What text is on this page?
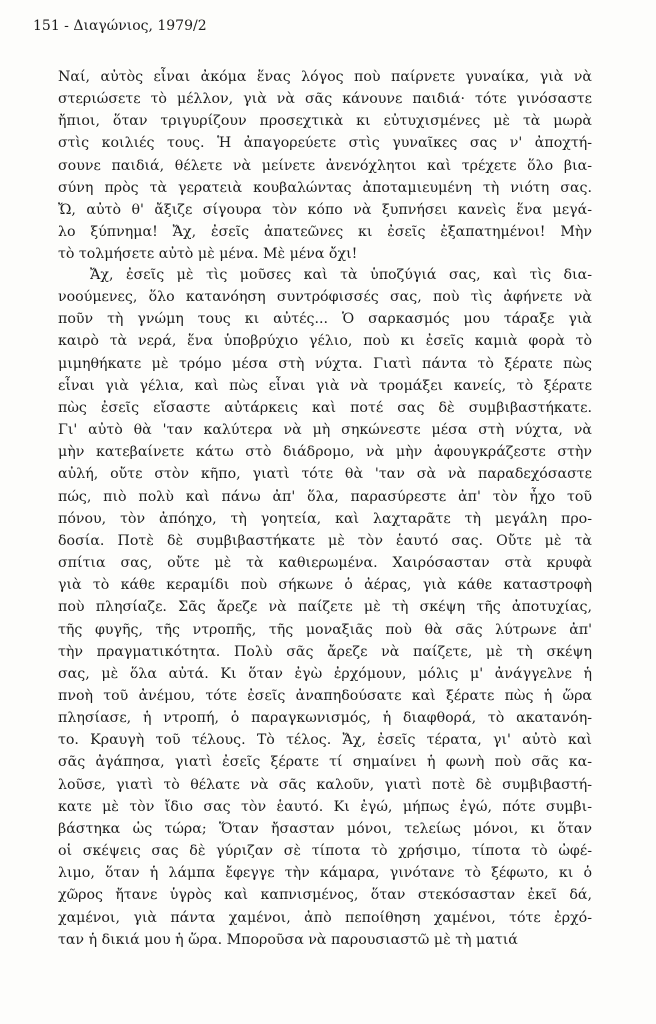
151 - Διαγώνιος, 1979/2
Ναί, αὐτὸς εἶναι ἀκόμα ἕνας λόγος ποὺ παίρνετε γυναίκα, γιὰ νὰ
στεριώσετε τὸ μέλλον, γιὰ νὰ σᾶς κάνουνε παιδιά· τότε γινόσαστε
ἤπιοι, ὅταν τριγυρίζουν προσεχτικὰ κι εὐτυχισμένες μὲ τὰ μωρὰ
στὶς κοιλιές τους. Ἡ ἀπαγορεύετε στὶς γυναῖκες σας ν' ἀποχτή-
σουνε παιδιά, θέλετε νὰ μείνετε ἀνενόχλητοι καὶ τρέχετε ὅλο βια-
σύνη πρὸς τὰ γερατειὰ κουβαλώντας ἀποταμιευμένη τὴ νιότη σας.
Ὤ, αὐτὸ θ' ἄξιζε σίγουρα τὸν κόπο νὰ ξυπνήσει κανεὶς ἕνα μεγά-
λο ξύπνημα! Ἄχ, ἐσεῖς ἀπατεῶνες κι ἐσεῖς ἐξαπατημένοι! Μὴν
τὸ τολμήσετε αὐτὸ μὲ μένα. Μὲ μένα ὄχι!
Ἄχ, ἐσεῖς μὲ τὶς μοῦσες καὶ τὰ ὑποζύγιά σας, καὶ τὶς δια-
νοούμενες, ὅλο κατανόηση συντρόφισσές σας, ποὺ τὶς ἀφήνετε νὰ
ποῦν τὴ γνώμη τους κι αὐτές... Ὁ σαρκασμός μου τάραξε γιὰ
καιρὸ τὰ νερά, ἕνα ὑποβρύχιο γέλιο, ποὺ κι ἐσεῖς καμιὰ φορὰ τὸ
μιμηθήκατε μὲ τρόμο μέσα στὴ νύχτα. Γιατὶ πάντα τὸ ξέρατε πὼς
εἶναι γιὰ γέλια, καὶ πὼς εἶναι γιὰ νὰ τρομάξει κανείς, τὸ ξέρατε
πὼς ἐσεῖς εἴσαστε αὐτάρκεις καὶ ποτέ σας δὲ συμβιβαστήκατε.
Γι' αὐτὸ θὰ 'ταν καλύτερα νὰ μὴ σηκώνεστε μέσα στὴ νύχτα, νὰ
μὴν κατεβαίνετε κάτω στὸ διάδρομο, νὰ μὴν ἀφουγκράζεστε στὴν
αὐλή, οὔτε στὸν κῆπο, γιατὶ τότε θὰ 'ταν σὰ νὰ παραδεχόσαστε
πώς, πιὸ πολὺ καὶ πάνω ἀπ' ὅλα, παρασύρεστε ἀπ' τὸν ἦχο τοῦ
πόνου, τὸν ἀπόηχο, τὴ γοητεία, καὶ λαχταρᾶτε τὴ μεγάλη προ-
δοσία. Ποτὲ δὲ συμβιβαστήκατε μὲ τὸν ἑαυτό σας. Οὔτε μὲ τὰ
σπίτια σας, οὔτε μὲ τὰ καθιερωμένα. Χαιρόσασταν στὰ κρυφὰ
γιὰ τὸ κάθε κεραμίδι ποὺ σήκωνε ὁ ἀέρας, γιὰ κάθε καταστροφὴ
ποὺ πλησίαζε. Σᾶς ἄρεζε νὰ παίζετε μὲ τὴ σκέψη τῆς ἀποτυχίας,
τῆς φυγῆς, τῆς ντροπῆς, τῆς μοναξιᾶς ποὺ θὰ σᾶς λύτρωνε ἀπ'
τὴν πραγματικότητα. Πολὺ σᾶς ἄρεζε νὰ παίζετε, μὲ τὴ σκέψη
σας, μὲ ὅλα αὐτά. Κι ὅταν ἐγὼ ἐρχόμουν, μόλις μ' ἀνάγγελνε ἡ
πνοὴ τοῦ ἀνέμου, τότε ἐσεῖς ἀναπηδούσατε καὶ ξέρατε πὼς ἡ ὥρα
πλησίασε, ἡ ντροπή, ὁ παραγκωνισμός, ἡ διαφθορά, τὸ ακατανόη-
το. Κραυγὴ τοῦ τέλους. Τὸ τέλος. Ἄχ, ἐσεῖς τέρατα, γι' αὐτὸ καὶ
σᾶς ἀγάπησα, γιατὶ ἐσεῖς ξέρατε τί σημαίνει ἡ φωνὴ ποὺ σᾶς κα-
λοῦσε, γιατὶ τὸ θέλατε νὰ σᾶς καλοῦν, γιατὶ ποτὲ δὲ συμβιβαστή-
κατε μὲ τὸν ἴδιο σας τὸν ἑαυτό. Κι ἐγώ, μήπως ἐγώ, πότε συμβι-
βάστηκα ὡς τώρα; Ὅταν ἤσασταν μόνοι, τελείως μόνοι, κι ὅταν
οἱ σκέψεις σας δὲ γύριζαν σὲ τίποτα τὸ χρήσιμο, τίποτα τὸ ὠφέ-
λιμο, ὅταν ἡ λάμπα ἔφεγγε τὴν κάμαρα, γινότανε τὸ ξέφωτο, κι ὁ
χῶρος ἤτανε ὑγρὸς καὶ καπνισμένος, ὅταν στεκόσασταν ἐκεῖ δά,
χαμένοι, γιὰ πάντα χαμένοι, ἀπὸ πεποίθηση χαμένοι, τότε ἐρχό-
ταν ἡ δικιά μου ἡ ὥρα. Μποροῦσα νὰ παρουσιαστῶ μὲ τὴ ματιά
